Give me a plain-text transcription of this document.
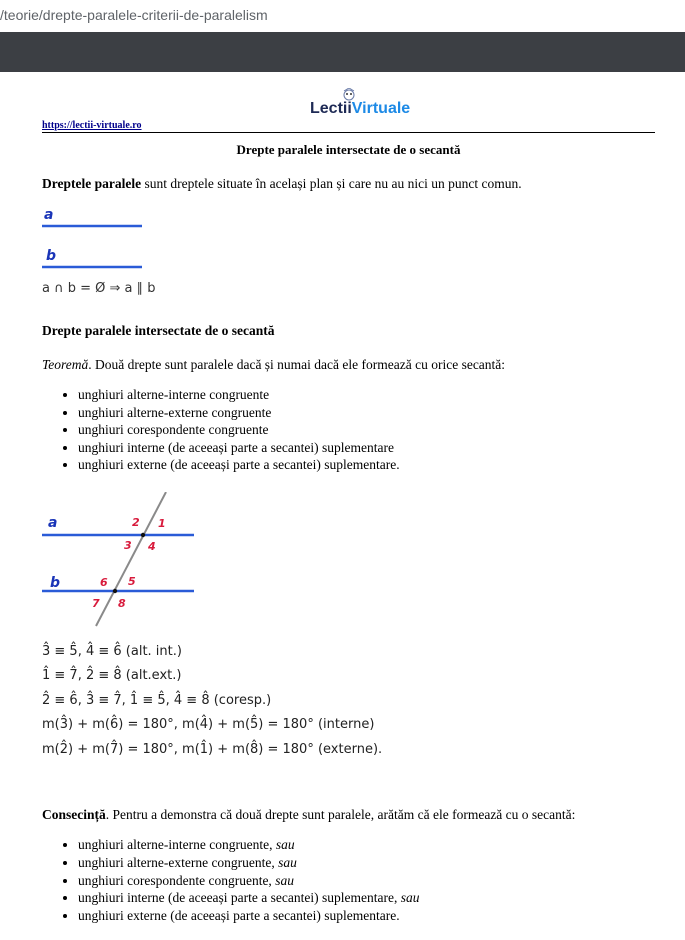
/teorie/drepte-paralele-criterii-de-paralelism
https://lectii-virtuale.ro
LectiiVirtuale
Drepte paralele intersectate de o secantă

Dreptele paralele sunt dreptele situate în același plan și care nu au nici un punct comun.

a
b
a ∩ b = Ø ⇒ a ∥ b
Drepte paralele intersectate de o secantă

Teoremă. Două drepte sunt paralele dacă și numai dacă ele formează cu orice secantă:

• unghiuri alterne-interne congruente
• unghiuri alterne-externe congruente
• unghiuri corespondente congruente
• unghiuri interne (de aceeași parte a secantei) suplementare
• unghiuri externe (de aceeași parte a secantei) suplementare.
a
b
1
2
3 4
5
6
7 8
3̂ ≡ 5̂, 4̂ ≡ 6̂ (alt. int.)
1̂ ≡ 7̂, 2̂ ≡ 8̂ (alt.ext.)
2̂ ≡ 6̂, 3̂ ≡ 7̂, 1̂ ≡ 5̂, 4̂ ≡ 8̂ (coresp.)
m(3̂) + m(6̂) = 180°, m(4̂) + m(5̂) = 180° (interne)
m(2̂) + m(7̂) = 180°, m(1̂) + m(8̂) = 180° (externe).

Consecință. Pentru a demonstra că două drepte sunt paralele, arătăm că ele formează cu o secantă:

• unghiuri alterne-interne congruente, sau
• unghiuri alterne-externe congruente, sau
• unghiuri corespondente congruente, sau
• unghiuri interne (de aceeași parte a secantei) suplementare, sau
• unghiuri externe (de aceeași parte a secantei) suplementare.
